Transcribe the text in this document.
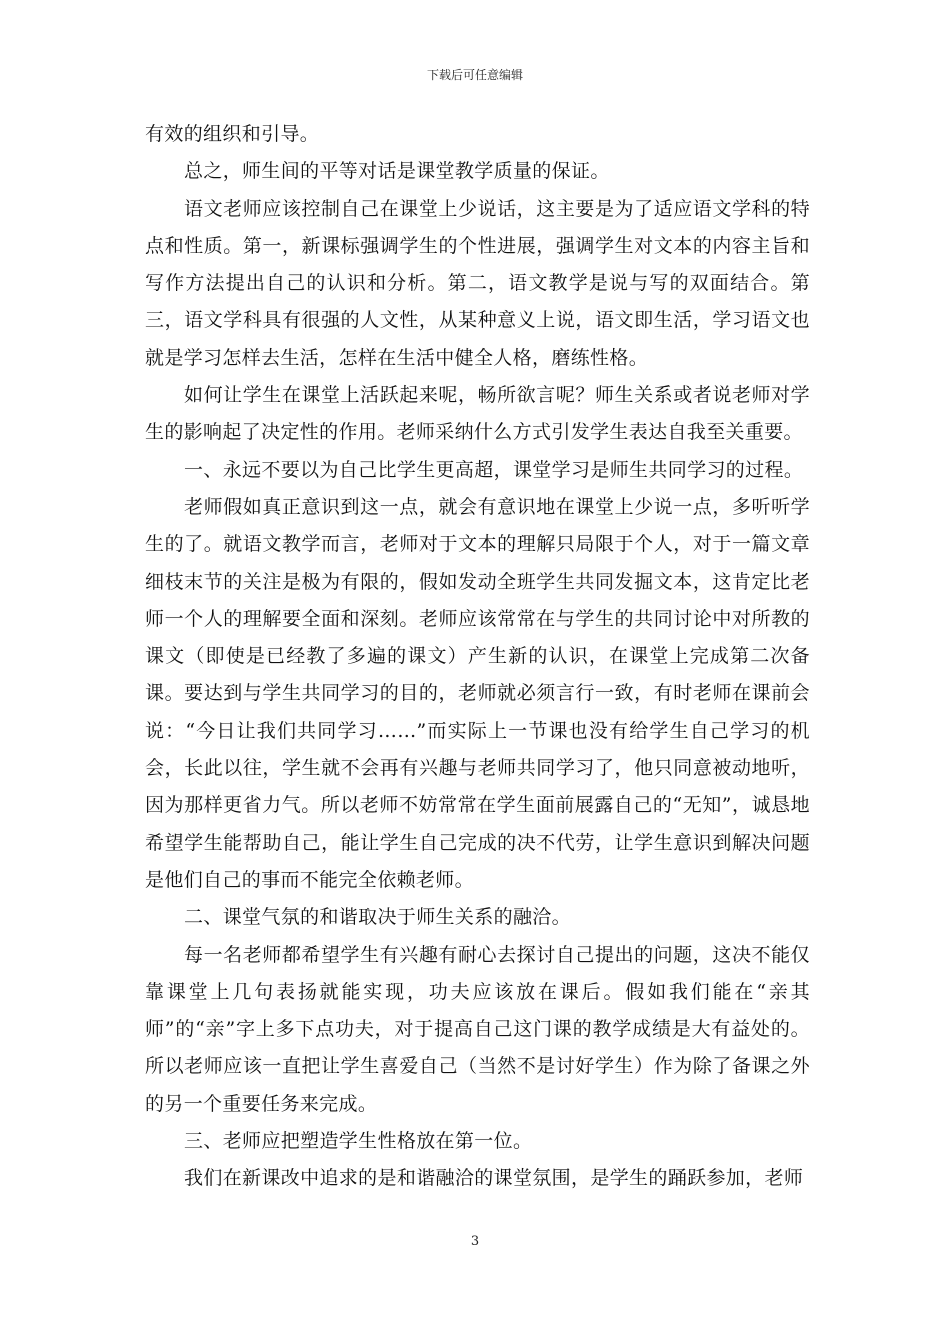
下载后可任意编辑

有效的组织和引导。

总之，师生间的平等对话是课堂教学质量的保证。

语文老师应该控制自己在课堂上少说话，这主要是为了适应语文学科的特点和性质。第一，新课标强调学生的个性进展，强调学生对文本的内容主旨和写作方法提出自己的认识和分析。第二，语文教学是说与写的双面结合。第三，语文学科具有很强的人文性，从某种意义上说，语文即生活，学习语文也就是学习怎样去生活，怎样在生活中健全人格，磨练性格。

如何让学生在课堂上活跃起来呢，畅所欲言呢？师生关系或者说老师对学生的影响起了决定性的作用。老师采纳什么方式引发学生表达自我至关重要。

一、永远不要以为自己比学生更高超，课堂学习是师生共同学习的过程。

老师假如真正意识到这一点，就会有意识地在课堂上少说一点，多听听学生的了。就语文教学而言，老师对于文本的理解只局限于个人，对于一篇文章细枝末节的关注是极为有限的，假如发动全班学生共同发掘文本，这肯定比老师一个人的理解要全面和深刻。老师应该常常在与学生的共同讨论中对所教的课文（即使是已经教了多遍的课文）产生新的认识，在课堂上完成第二次备课。要达到与学生共同学习的目的，老师就必须言行一致，有时老师在课前会说：“今日让我们共同学习……”而实际上一节课也没有给学生自己学习的机会，长此以往，学生就不会再有兴趣与老师共同学习了，他只同意被动地听，因为那样更省力气。所以老师不妨常常在学生面前展露自己的“无知”，诚恳地希望学生能帮助自己，能让学生自己完成的决不代劳，让学生意识到解决问题是他们自己的事而不能完全依赖老师。

二、课堂气氛的和谐取决于师生关系的融洽。

每一名老师都希望学生有兴趣有耐心去探讨自己提出的问题，这决不能仅靠课堂上几句表扬就能实现，功夫应该放在课后。假如我们能在“亲其师”的“亲”字上多下点功夫，对于提高自己这门课的教学成绩是大有益处的。所以老师应该一直把让学生喜爱自己（当然不是讨好学生）作为除了备课之外的另一个重要任务来完成。

三、老师应把塑造学生性格放在第一位。

我们在新课改中追求的是和谐融洽的课堂氛围，是学生的踊跃参加，老师

3
